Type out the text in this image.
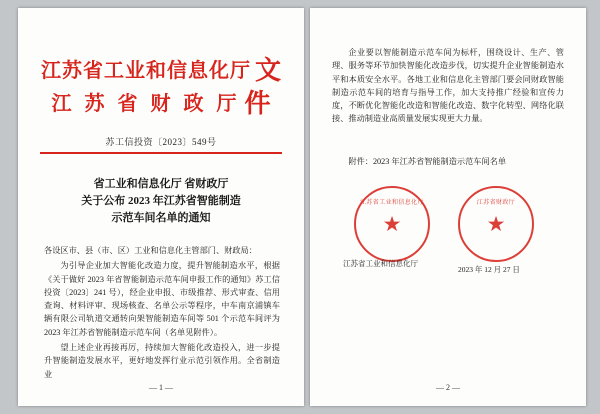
江苏省工业和信息化厅 文
江 苏 省 财 政 厅 件
苏工信投资〔2023〕549号
省工业和信息化厅 省财政厅
关于公布 2023 年江苏省智能制造
示范车间名单的通知

各设区市、县（市、区）工业和信息化主管部门、财政局：

为引导企业加大智能化改造力度，提升智能制造水平，根据《关于做好 2023 年省智能制造示范车间申报工作的通知》苏工信投资〔2023〕241 号），经企业申报、市级推荐、形式审查、信用查询、材料评审、现场核查、名单公示等程序，中车南京浦镇车辆有限公司轨道交通转向架智能制造车间等 501 个示范车间评为 2023 年江苏省智能制造示范车间（名单见附件）。

望上述企业再接再厉，持续加大智能化改造投入，进一步提升智能制造发展水平，更好地发挥行业示范引领作用。全省制造业

— 1 —

企业要以智能制造示范车间为标杆，围绕设计、生产、管理、服务等环节加快智能化改造步伐，切实提升企业智能制造水平和本质安全水平。各地工业和信息化主管部门要会同财政智能制造示范车间的培育与指导工作，加大支持推广经验和宣传力度，不断优化智能化改造和智能化改造、数字化转型、网络化联接、推动制造业高质量发展实现更大力量。

附件：2023 年江苏省智能制造示范车间名单
江苏省工业和信息化厅
★
江苏省财政厅
★
江苏省工业和信息化厅
2023 年 12 月 27 日
— 2 —
